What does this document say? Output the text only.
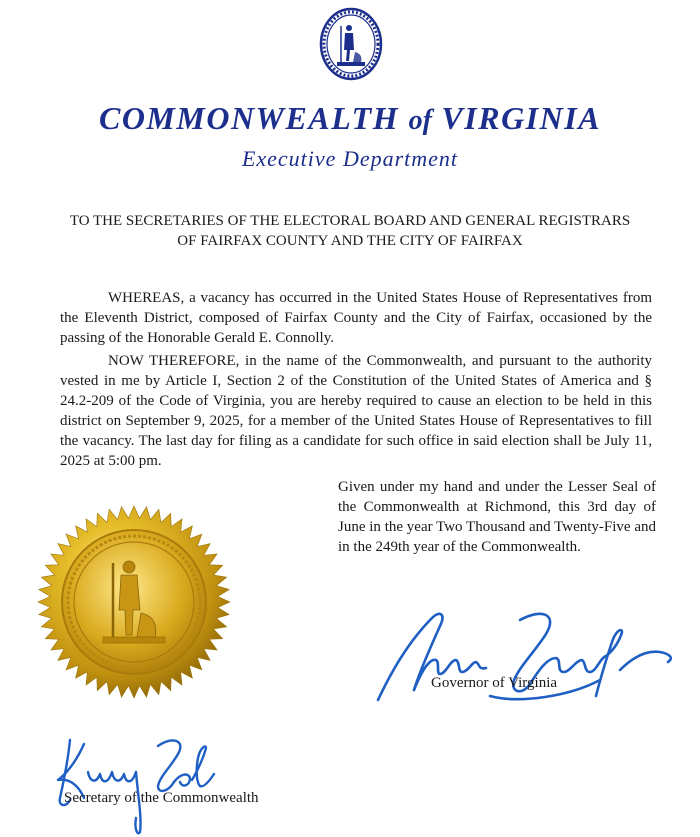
COMMONWEALTH of VIRGINIA
Executive Department
TO THE SECRETARIES OF THE ELECTORAL BOARD AND GENERAL REGISTRARS
OF FAIRFAX COUNTY AND THE CITY OF FAIRFAX

WHEREAS, a vacancy has occurred in the United States House of Representatives from the Eleventh District, composed of Fairfax County and the City of Fairfax, occasioned by the passing of the Honorable Gerald E. Connolly.

NOW THEREFORE, in the name of the Commonwealth, and pursuant to the authority vested in me by Article I, Section 2 of the Constitution of the United States of America and § 24.2-209 of the Code of Virginia, you are hereby required to cause an election to be held in this district on September 9, 2025, for a member of the United States House of Representatives to fill the vacancy. The last day for filing as a candidate for such office in said election shall be July 11, 2025 at 5:00 pm.

Given under my hand and under the Lesser Seal of the Commonwealth at Richmond, this 3rd day of June in the year Two Thousand and Twenty-Five and in the 249th year of the Commonwealth.

Governor of Virginia
Secretary of the Commonwealth
